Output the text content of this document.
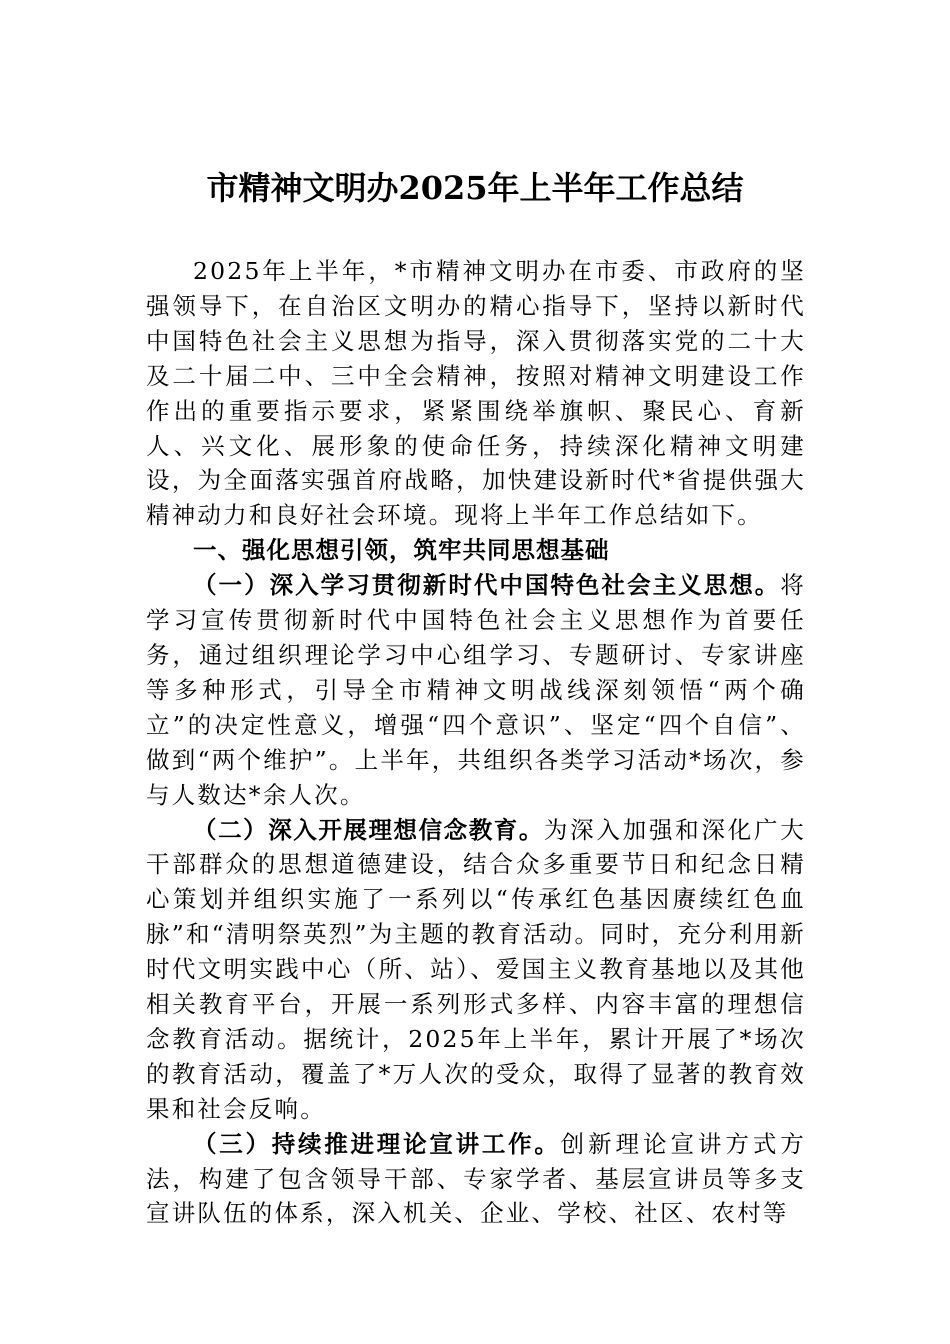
市精神文明办2025年上半年工作总结

2025年上半年，*市精神文明办在市委、市政府的坚强领导下，在自治区文明办的精心指导下，坚持以新时代中国特色社会主义思想为指导，深入贯彻落实党的二十大及二十届二中、三中全会精神，按照对精神文明建设工作作出的重要指示要求，紧紧围绕举旗帜、聚民心、育新人、兴文化、展形象的使命任务，持续深化精神文明建设，为全面落实强首府战略，加快建设新时代*省提供强大精神动力和良好社会环境。现将上半年工作总结如下。

一、强化思想引领，筑牢共同思想基础

（一）深入学习贯彻新时代中国特色社会主义思想。将学习宣传贯彻新时代中国特色社会主义思想作为首要任务，通过组织理论学习中心组学习、专题研讨、专家讲座等多种形式，引导全市精神文明战线深刻领悟“两个确立”的决定性意义，增强“四个意识”、坚定“四个自信”、做到“两个维护”。上半年，共组织各类学习活动*场次，参与人数达*余人次。

（二）深入开展理想信念教育。为深入加强和深化广大干部群众的思想道德建设，结合众多重要节日和纪念日精心策划并组织实施了一系列以“传承红色基因赓续红色血脉”和“清明祭英烈”为主题的教育活动。同时，充分利用新时代文明实践中心（所、站）、爱国主义教育基地以及其他相关教育平台，开展一系列形式多样、内容丰富的理想信念教育活动。据统计，2025年上半年，累计开展了*场次的教育活动，覆盖了*万人次的受众，取得了显著的教育效果和社会反响。

（三）持续推进理论宣讲工作。创新理论宣讲方式方法，构建了包含领导干部、专家学者、基层宣讲员等多支宣讲队伍的体系，深入机关、企业、学校、社区、农村等
